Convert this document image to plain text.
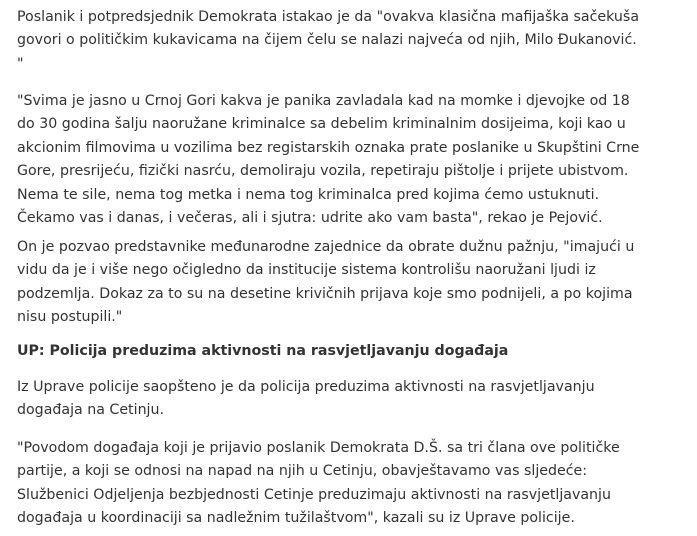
Poslanik i potpredsjednik Demokrata istakao je da "ovakva klasična mafijaška sačekuša
govori o političkim kukavicama na čijem čelu se nalazi najveća od njih, Milo Đukanović.
"

"Svima je jasno u Crnoj Gori kakva je panika zavladala kad na momke i djevojke od 18
do 30 godina šalju naoružane kriminalce sa debelim kriminalnim dosijeima, koji kao u
akcionim filmovima u vozilima bez registarskih oznaka prate poslanike u Skupštini Crne
Gore, presrijeću, fizički nasrću, demoliraju vozila, repetiraju pištolje i prijete ubistvom.
Nema te sile, nema tog metka i nema tog kriminalca pred kojima ćemo ustuknuti.
Čekamo vas i danas, i večeras, ali i sjutra: udrite ako vam basta", rekao je Pejović.

On je pozvao predstavnike međunarodne zajednice da obrate dužnu pažnju, "imajući u
vidu da je i više nego očigledno da institucije sistema kontrolišu naoružani ljudi iz
podzemlja. Dokaz za to su na desetine krivičnih prijava koje smo podnijeli, a po kojima
nisu postupili."

UP: Policija preduzima aktivnosti na rasvjetljavanju događaja

Iz Uprave policije saopšteno je da policija preduzima aktivnosti na rasvjetljavanju
događaja na Cetinju.

"Povodom događaja koji je prijavio poslanik Demokrata D.Š. sa tri člana ove političke
partije, a koji se odnosi na napad na njih u Cetinju, obavještavamo vas sljedeće:
Službenici Odjeljenja bezbjednosti Cetinje preduzimaju aktivnosti na rasvjetljavanju
događaja u koordinaciji sa nadležnim tužilaštvom", kazali su iz Uprave policije.
